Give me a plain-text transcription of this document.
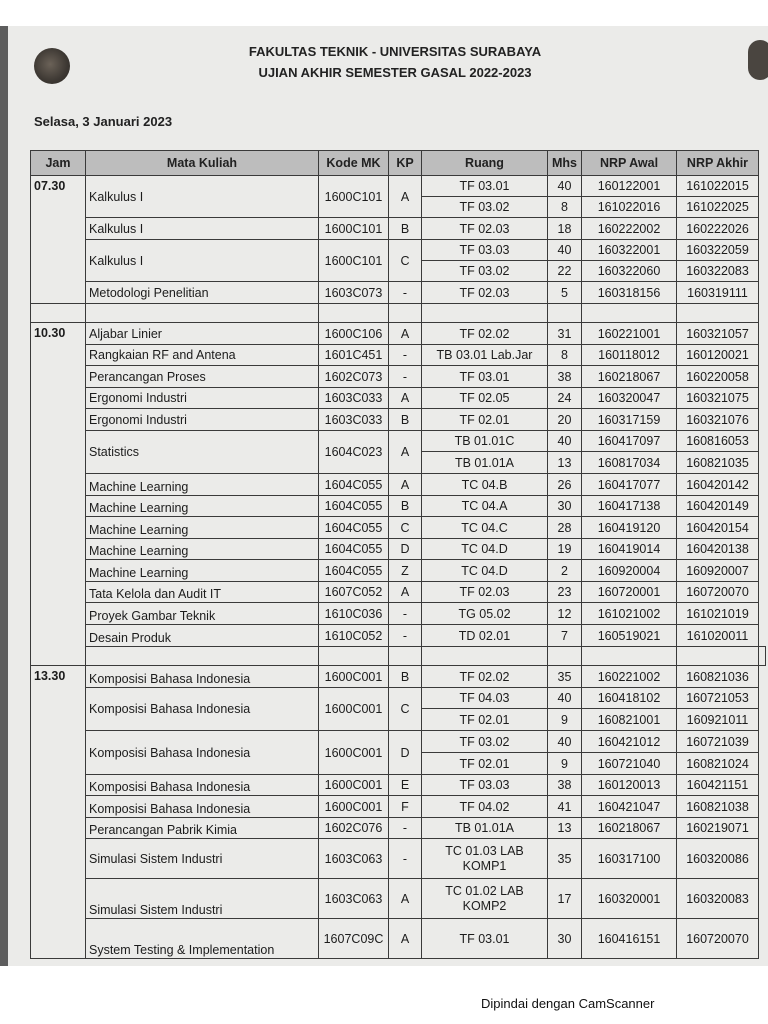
FAKULTAS TEKNIK - UNIVERSITAS SURABAYA
UJIAN AKHIR SEMESTER GASAL 2022-2023
Selasa, 3 Januari 2023
Jam	Mata Kuliah	Kode MK	KP	Ruang	Mhs	NRP Awal	NRP Akhir	
07.30	Kalkulus I	1600C101	A	TF 03.01	40	160122001	161022015	
				TF 03.02	8	161022016	161022025	
	Kalkulus I	1600C101	B	TF 02.03	18	160222002	160222026	
	Kalkulus I	1600C101	C	TF 03.03	40	160322001	160322059	
				TF 03.02	22	160322060	160322083	
	Metodologi Penelitian	1603C073	-	TF 02.03	5	160318156	160319111	

10.30	Aljabar Linier	1600C106	A	TF 02.02	31	160221001	160321057	
	Rangkaian RF and Antena	1601C451	-	TB 03.01 Lab.Jar	8	160118012	160120021	
	Perancangan Proses	1602C073	-	TF 03.01	38	160218067	160220058	
	Ergonomi Industri	1603C033	A	TF 02.05	24	160320047	160321075	
	Ergonomi Industri	1603C033	B	TF 02.01	20	160317159	160321076	
	Statistics	1604C023	A	TB 01.01C	40	160417097	160816053	
				TB 01.01A	13	160817034	160821035	
	Machine Learning	1604C055	A	TC 04.B	26	160417077	160420142	
	Machine Learning	1604C055	B	TC 04.A	30	160417138	160420149	
	Machine Learning	1604C055	C	TC 04.C	28	160419120	160420154	
	Machine Learning	1604C055	D	TC 04.D	19	160419014	160420138	
	Machine Learning	1604C055	Z	TC 04.D	2	160920004	160920007	
	Tata Kelola dan Audit IT	1607C052	A	TF 02.03	23	160720001	160720070	
	Proyek Gambar Teknik	1610C036	-	TG 05.02	12	161021002	161021019	
	Desain Produk	1610C052	-	TD 02.01	7	160519021	161020011	

13.30	Komposisi Bahasa Indonesia	1600C001	B	TF 02.02	35	160221002	160821036	
	Komposisi Bahasa Indonesia	1600C001	C	TF 04.03	40	160418102	160721053	
				TF 02.01	9	160821001	160921011	
	Komposisi Bahasa Indonesia	1600C001	D	TF 03.02	40	160421012	160721039	
				TF 02.01	9	160721040	160821024	
	Komposisi Bahasa Indonesia	1600C001	E	TF 03.03	38	160120013	160421151	
	Komposisi Bahasa Indonesia	1600C001	F	TF 04.02	41	160421047	160821038	
	Perancangan Pabrik Kimia	1602C076	-	TB 01.01A	13	160218067	160219071	
	Simulasi Sistem Industri	1603C063	-	TC 01.03 LAB KOMP1	35	160317100	160320086	
	Simulasi Sistem Industri	1603C063	A	TC 01.02 LAB KOMP2	17	160320001	160320083	
	System Testing & Implementation	1607C09C	A	TF 03.01	30	160416151	160720070	
Dipindai dengan CamScanner
